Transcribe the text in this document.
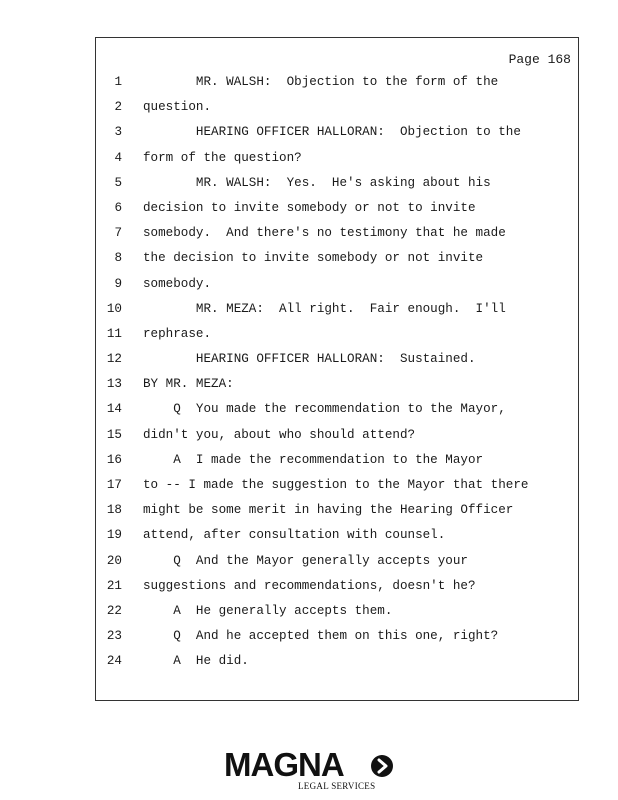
Page 168
1 MR. WALSH:  Objection to the form of the
2 question.
3 HEARING OFFICER HALLORAN:  Objection to the
4 form of the question?
5 MR. WALSH:  Yes.  He's asking about his
6 decision to invite somebody or not to invite
7 somebody.  And there's no testimony that he made
8 the decision to invite somebody or not invite
9 somebody.
10 MR. MEZA:  All right.  Fair enough.  I'll
11 rephrase.
12 HEARING OFFICER HALLORAN:  Sustained.
13 BY MR. MEZA:
14 Q  You made the recommendation to the Mayor,
15 didn't you, about who should attend?
16 A  I made the recommendation to the Mayor
17 to -- I made the suggestion to the Mayor that there
18 might be some merit in having the Hearing Officer
19 attend, after consultation with counsel.
20 Q  And the Mayor generally accepts your
21 suggestions and recommendations, doesn't he?
22 A  He generally accepts them.
23 Q  And he accepted them on this one, right?
24 A  He did.
MAGNA
LEGAL SERVICES
